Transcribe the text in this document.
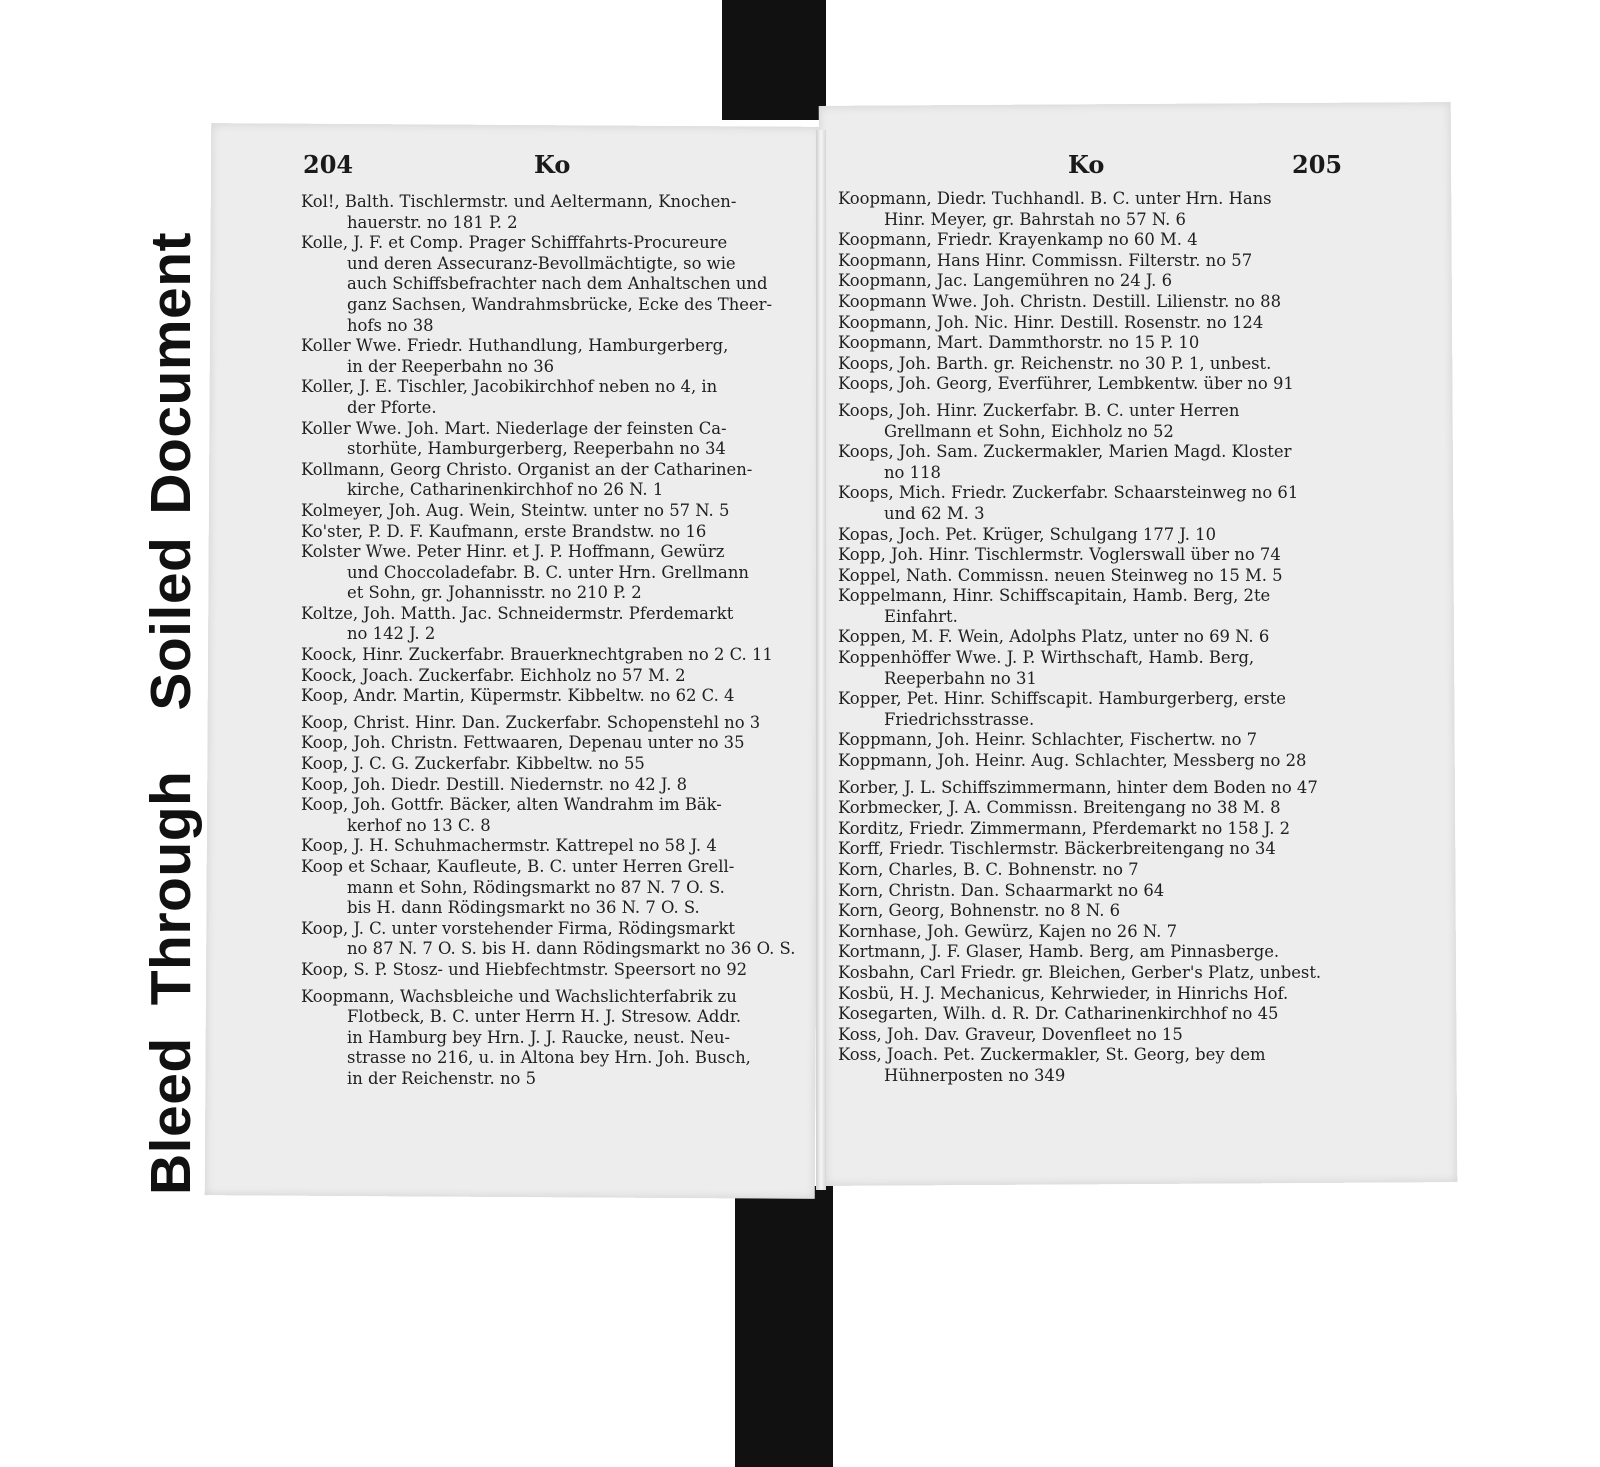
BleedThroughSoiledDocument
204	Ko	Ko	205
Kol!, Balth. Tischlermstr. und Aeltermann, Knochen-
hauerstr. no 181 P. 2
Kolle, J. F. et Comp. Prager Schifffahrts-Procureure
und deren Assecuranz-Bevollmächtigte, so wie
auch Schiffsbefrachter nach dem Anhaltschen und
ganz Sachsen, Wandrahmsbrücke, Ecke des Theer-
hofs no 38
Koller Wwe. Friedr. Huthandlung, Hamburgerberg,
in der Reeperbahn no 36
Koller, J. E. Tischler, Jacobikirchhof neben no 4, in
der Pforte.
Koller Wwe. Joh. Mart. Niederlage der feinsten Ca-
storhüte, Hamburgerberg, Reeperbahn no 34
Kollmann, Georg Christo. Organist an der Catharinen-
kirche, Catharinenkirchhof no 26 N. 1
Kolmeyer, Joh. Aug. Wein, Steintw. unter no 57 N. 5
Ko'ster, P. D. F. Kaufmann, erste Brandstw. no 16
Kolster Wwe. Peter Hinr. et J. P. Hoffmann, Gewürz
und Choccoladefabr. B. C. unter Hrn. Grellmann
et Sohn, gr. Johannisstr. no 210 P. 2
Koltze, Joh. Matth. Jac. Schneidermstr. Pferdemarkt
no 142 J. 2
Koock, Hinr. Zuckerfabr. Brauerknechtgraben no 2 C. 11
Koock, Joach. Zuckerfabr. Eichholz no 57 M. 2
Koop, Andr. Martin, Küpermstr. Kibbeltw. no 62 C. 4
Koop, Christ. Hinr. Dan. Zuckerfabr. Schopenstehl no 3
Koop, Joh. Christn. Fettwaaren, Depenau unter no 35
Koop, J. C. G. Zuckerfabr. Kibbeltw. no 55
Koop, Joh. Diedr. Destill. Niedernstr. no 42 J. 8
Koop, Joh. Gottfr. Bäcker, alten Wandrahm im Bäk-
kerhof no 13 C. 8
Koop, J. H. Schuhmachermstr. Kattrepel no 58 J. 4
Koop et Schaar, Kaufleute, B. C. unter Herren Grell-
mann et Sohn, Rödingsmarkt no 87 N. 7 O. S.
bis H. dann Rödingsmarkt no 36 N. 7 O. S.
Koop, J. C. unter vorstehender Firma, Rödingsmarkt
no 87 N. 7 O. S. bis H. dann Rödingsmarkt no 36 O. S.
Koop, S. P. Stosz- und Hiebfechtmstr. Speersort no 92
Koopmann, Wachsbleiche und Wachslichterfabrik zu
Flotbeck, B. C. unter Herrn H. J. Stresow. Addr.
in Hamburg bey Hrn. J. J. Raucke, neust. Neu-
strasse no 216, u. in Altona bey Hrn. Joh. Busch,
in der Reichenstr. no 5
Koopmann, Diedr. Tuchhandl. B. C. unter Hrn. Hans
Hinr. Meyer, gr. Bahrstah no 57 N. 6
Koopmann, Friedr. Krayenkamp no 60 M. 4
Koopmann, Hans Hinr. Commissn. Filterstr. no 57
Koopmann, Jac. Langemühren no 24 J. 6
Koopmann Wwe. Joh. Christn. Destill. Lilienstr. no 88
Koopmann, Joh. Nic. Hinr. Destill. Rosenstr. no 124
Koopmann, Mart. Dammthorstr. no 15 P. 10
Koops, Joh. Barth. gr. Reichenstr. no 30 P. 1, unbest.
Koops, Joh. Georg, Everführer, Lembkentw. über no 91
Koops, Joh. Hinr. Zuckerfabr. B. C. unter Herren
Grellmann et Sohn, Eichholz no 52
Koops, Joh. Sam. Zuckermakler, Marien Magd. Kloster
no 118
Koops, Mich. Friedr. Zuckerfabr. Schaarsteinweg no 61
und 62 M. 3
Kopas, Joch. Pet. Krüger, Schulgang 177 J. 10
Kopp, Joh. Hinr. Tischlermstr. Voglerswall über no 74
Koppel, Nath. Commissn. neuen Steinweg no 15 M. 5
Koppelmann, Hinr. Schiffscapitain, Hamb. Berg, 2te
Einfahrt.
Koppen, M. F. Wein, Adolphs Platz, unter no 69 N. 6
Koppenhöffer Wwe. J. P. Wirthschaft, Hamb. Berg,
Reeperbahn no 31
Kopper, Pet. Hinr. Schiffscapit. Hamburgerberg, erste
Friedrichsstrasse.
Koppmann, Joh. Heinr. Schlachter, Fischertw. no 7
Koppmann, Joh. Heinr. Aug. Schlachter, Messberg no 28
Korber, J. L. Schiffszimmermann, hinter dem Boden no 47
Korbmecker, J. A. Commissn. Breitengang no 38 M. 8
Korditz, Friedr. Zimmermann, Pferdemarkt no 158 J. 2
Korff, Friedr. Tischlermstr. Bäckerbreitengang no 34
Korn, Charles, B. C. Bohnenstr. no 7
Korn, Christn. Dan. Schaarmarkt no 64
Korn, Georg, Bohnenstr. no 8 N. 6
Kornhase, Joh. Gewürz, Kajen no 26 N. 7
Kortmann, J. F. Glaser, Hamb. Berg, am Pinnasberge.
Kosbahn, Carl Friedr. gr. Bleichen, Gerber's Platz, unbest.
Kosbü, H. J. Mechanicus, Kehrwieder, in Hinrichs Hof.
Kosegarten, Wilh. d. R. Dr. Catharinenkirchhof no 45
Koss, Joh. Dav. Graveur, Dovenfleet no 15
Koss, Joach. Pet. Zuckermakler, St. Georg, bey dem
Hühnerposten no 349
